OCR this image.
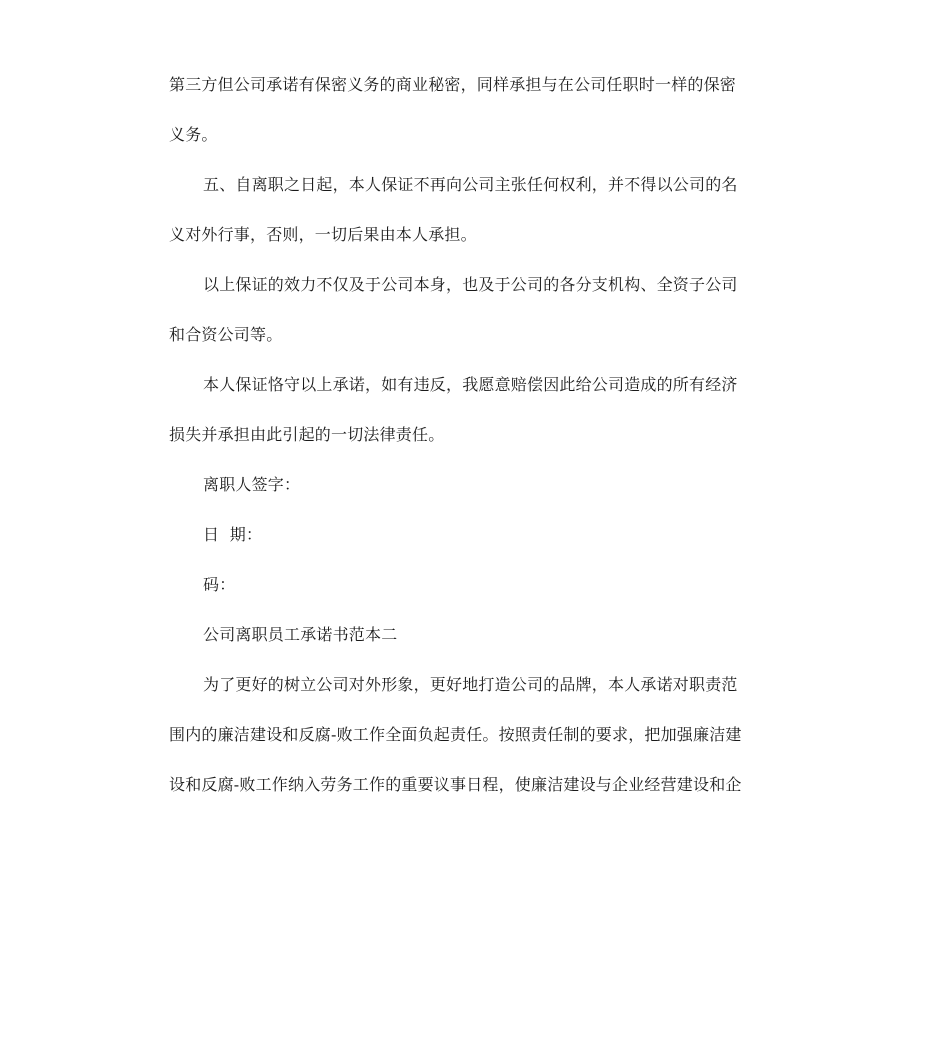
第三方但公司承诺有保密义务的商业秘密，同样承担与在公司任职时一样的保密
义务。

五、自离职之日起，本人保证不再向公司主张任何权利，并不得以公司的名
义对外行事，否则，一切后果由本人承担。

以上保证的效力不仅及于公司本身，也及于公司的各分支机构、全资子公司
和合资公司等。

本人保证恪守以上承诺，如有违反，我愿意赔偿因此给公司造成的所有经济
损失并承担由此引起的一切法律责任。

离职人签字：

日  期：

码：

公司离职员工承诺书范本二

为了更好的树立公司对外形象，更好地打造公司的品牌，本人承诺对职责范
围内的廉洁建设和反腐-败工作全面负起责任。按照责任制的要求，把加强廉洁建
设和反腐-败工作纳入劳务工作的重要议事日程，使廉洁建设与企业经营建设和企
